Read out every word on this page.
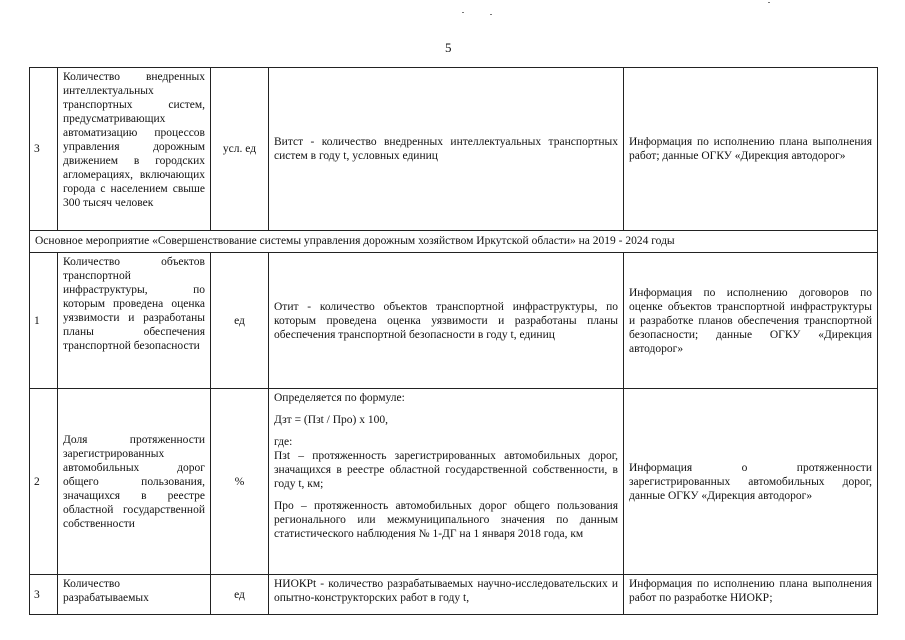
5
3	Количество внедренных интеллектуальных транспортных систем, предусматривающих автоматизацию процессов управления дорожным движением в городских агломерациях, включающих города с населением свыше 300 тысяч человек	усл. ед	Витст - количество внедренных интеллектуальных транспортных систем в году t, условных единиц	Информация по исполнению плана выполнения работ; данные ОГКУ «Дирекция автодорог»
Основное мероприятие «Совершенствование системы управления дорожным хозяйством Иркутской области» на 2019 - 2024 годы				
1	Количество объектов транспортной инфраструктуры, по которым проведена оценка уязвимости и разработаны планы обеспечения транспортной безопасности	ед	Отит - количество объектов транспортной инфраструктуры, по которым проведена оценка уязвимости и разработаны планы обеспечения транспортной безопасности в году t, единиц	Информация по исполнению договоров по оценке объектов транспортной инфраструктуры и разработке планов обеспечения транспортной безопасности; данные ОГКУ «Дирекция автодорог»
2	Доля протяженности зарегистрированных автомобильных дорог общего пользования, значащихся в реестре областной государственной собственности	%	Определяется по формуле:
Дзт = (Пзt / Про) х 100,
где:
Пзt – протяженность зарегистрированных автомобильных дорог, значащихся в реестре областной государственной собственности, в году t, км;
Про – протяженность автомобильных дорог общего пользования регионального или межмуниципального значения по данным статистического наблюдения № 1-ДГ на 1 января 2018 года, км	Информация о протяженности зарегистрированных автомобильных дорог, данные ОГКУ «Дирекция автодорог»
3	Количество разрабатываемых	ед	НИОКРt - количество разрабатываемых научно-исследовательских и опытно-конструкторских работ в году t,	Информация по исполнению плана выполнения работ по разработке НИОКР;
